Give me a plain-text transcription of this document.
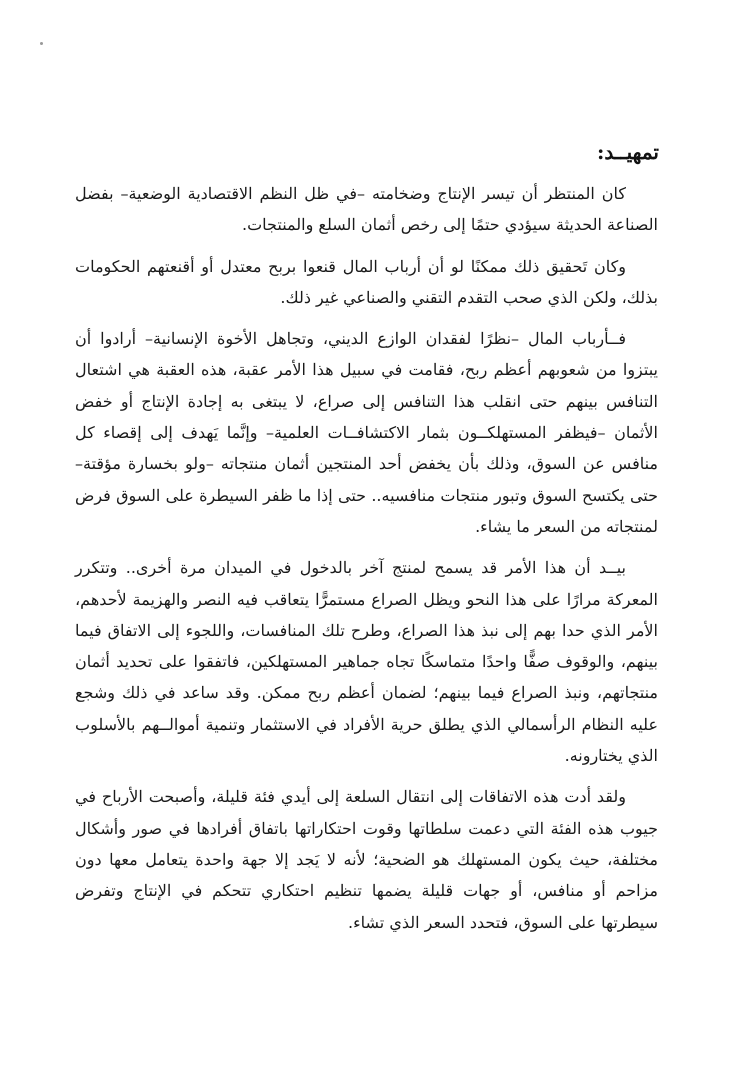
تمهيــد:

كان المنتظر أن تيسر الإنتاج وضخامته –في ظل النظم الاقتصادية الوضعية– بفضل الصناعة الحديثة سيؤدي حتمًا إلى رخص أثمان السلع والمنتجات.

وكان تَحقيق ذلك ممكنًا لو أن أرباب المال قنعوا بربح معتدل أو أقنعتهم الحكومات بذلك، ولكن الذي صحب التقدم التقني والصناعي غير ذلك.

فــأرباب المال –نظرًا لفقدان الوازع الديني، وتجاهل الأخوة الإنسانية– أرادوا أن يبتزوا من شعوبهم أعظم ربح، فقامت في سبيل هذا الأمر عقبة، هذه العقبة هي اشتعال التنافس بينهم حتى انقلب هذا التنافس إلى صراع، لا يبتغى به إجادة الإنتاج أو خفض الأثمان –فيظفر المستهلكــون بثمار الاكتشافــات العلمية– وإنَّما يَهدف إلى إقصاء كل منافس عن السوق، وذلك بأن يخفض أحد المنتجين أثمان منتجاته –ولو بخسارة مؤقتة– حتى يكتسح السوق وتبور منتجات منافسيه.. حتى إذا ما ظفر السيطرة على السوق فرض لمنتجاته من السعر ما يشاء.

بيــد أن هذا الأمر قد يسمح لمنتج آخر بالدخول في الميدان مرة أخرى.. وتتكرر المعركة مرارًا على هذا النحو ويظل الصراع مستمرًّا يتعاقب فيه النصر والهزيمة لأحدهم، الأمر الذي حدا بهم إلى نبذ هذا الصراع، وطرح تلك المنافسات، واللجوء إلى الاتفاق فيما بينهم، والوقوف صفًّا واحدًا متماسكًا تجاه جماهير المستهلكين، فاتفقوا على تحديد أثمان منتجاتهم، ونبذ الصراع فيما بينهم؛ لضمان أعظم ربح ممكن. وقد ساعد في ذلك وشجع عليه النظام الرأسمالي الذي يطلق حرية الأفراد في الاستثمار وتنمية أموالــهم بالأسلوب الذي يختارونه.

ولقد أدت هذه الاتفاقات إلى انتقال السلعة إلى أيدي فئة قليلة، وأصبحت الأرباح في جيوب هذه الفئة التي دعمت سلطاتها وقوت احتكاراتها باتفاق أفرادها في صور وأشكال مختلفة، حيث يكون المستهلك هو الضحية؛ لأنه لا يَجد إلا جهة واحدة يتعامل معها دون مزاحم أو منافس، أو جهات قليلة يضمها تنظيم احتكاري تتحكم في الإنتاج وتفرض سيطرتها على السوق، فتحدد السعر الذي تشاء.
